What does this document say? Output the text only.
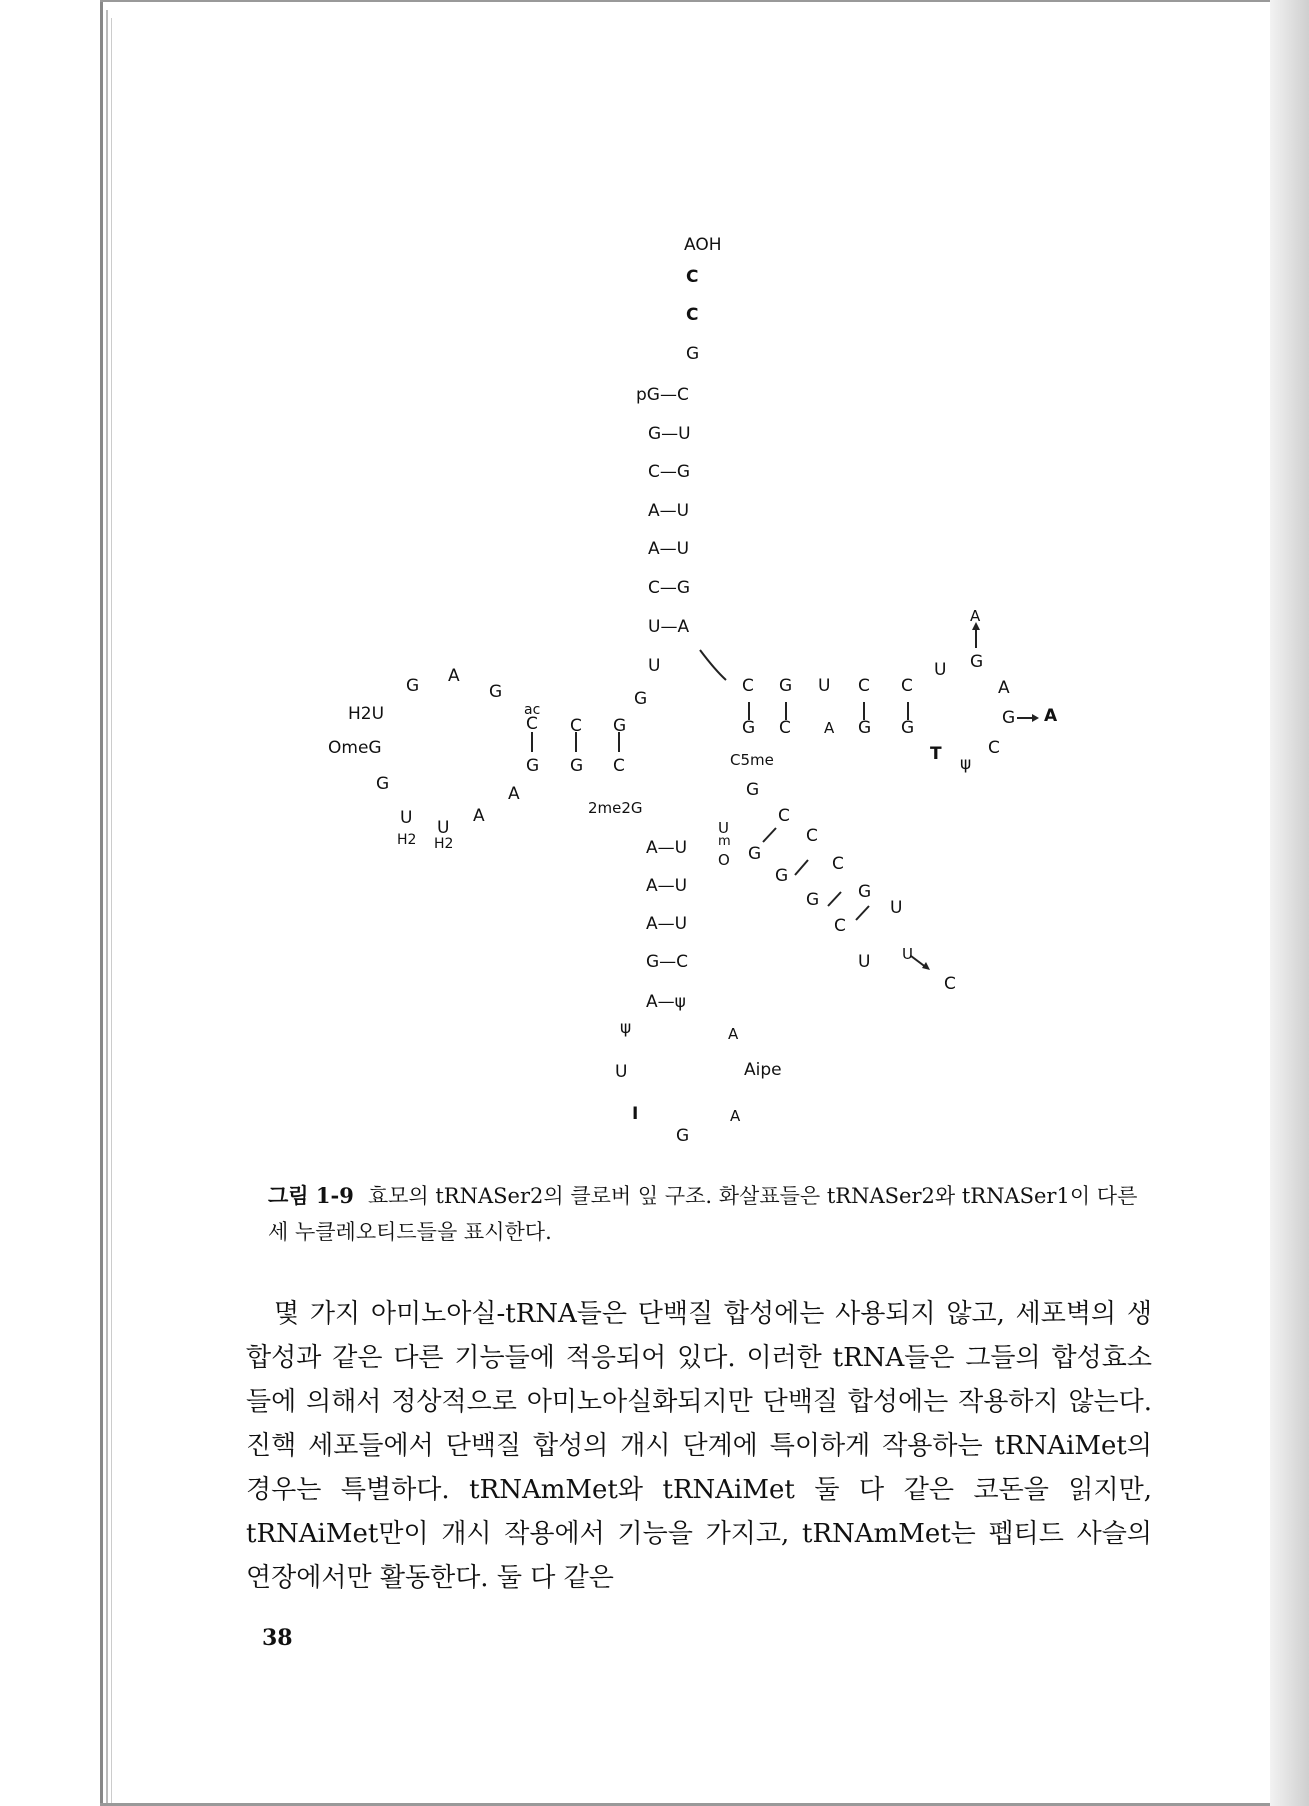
AOH
C
C
G
pG—C
G—U
C—G
A—U
A—U
C—G
U—A
U
G
G A
G
H2U
OmeG
G
U
H2
U
H2
A
A
ac
C C G
G G C
2me2G
C G U C C
G C A G G
C5me
U
A
G
A
G A
T ψ
C
A—U
A—U
A—U
G—C
A—ψ
ψ
U
I
G
A
Aipe
A
U
m
O
G
C
G
C
G
C
G G
C
U
U U
C
그림 1-9 효모의 tRNASer2의 클로버 잎 구조. 화살표들은 tRNASer2와 tRNASer1이 다른 세 누클레오티드들을 표시한다.

몇 가지 아미노아실-tRNA들은 단백질 합성에는 사용되지 않고, 세포벽의 생합성과 같은 다른 기능들에 적응되어 있다. 이러한 tRNA들은 그들의 합성효소들에 의해서 정상적으로 아미노아실화되지만 단백질 합성에는 작용하지 않는다. 진핵 세포들에서 단백질 합성의 개시 단계에 특이하게 작용하는 tRNAiMet의 경우는 특별하다. tRNAmMet와 tRNAiMet 둘 다 같은 코돈을 읽지만, tRNAiMet만이 개시 작용에서 기능을 가지고, tRNAmMet는 펩티드 사슬의 연장에서만 활동한다. 둘 다 같은

38
